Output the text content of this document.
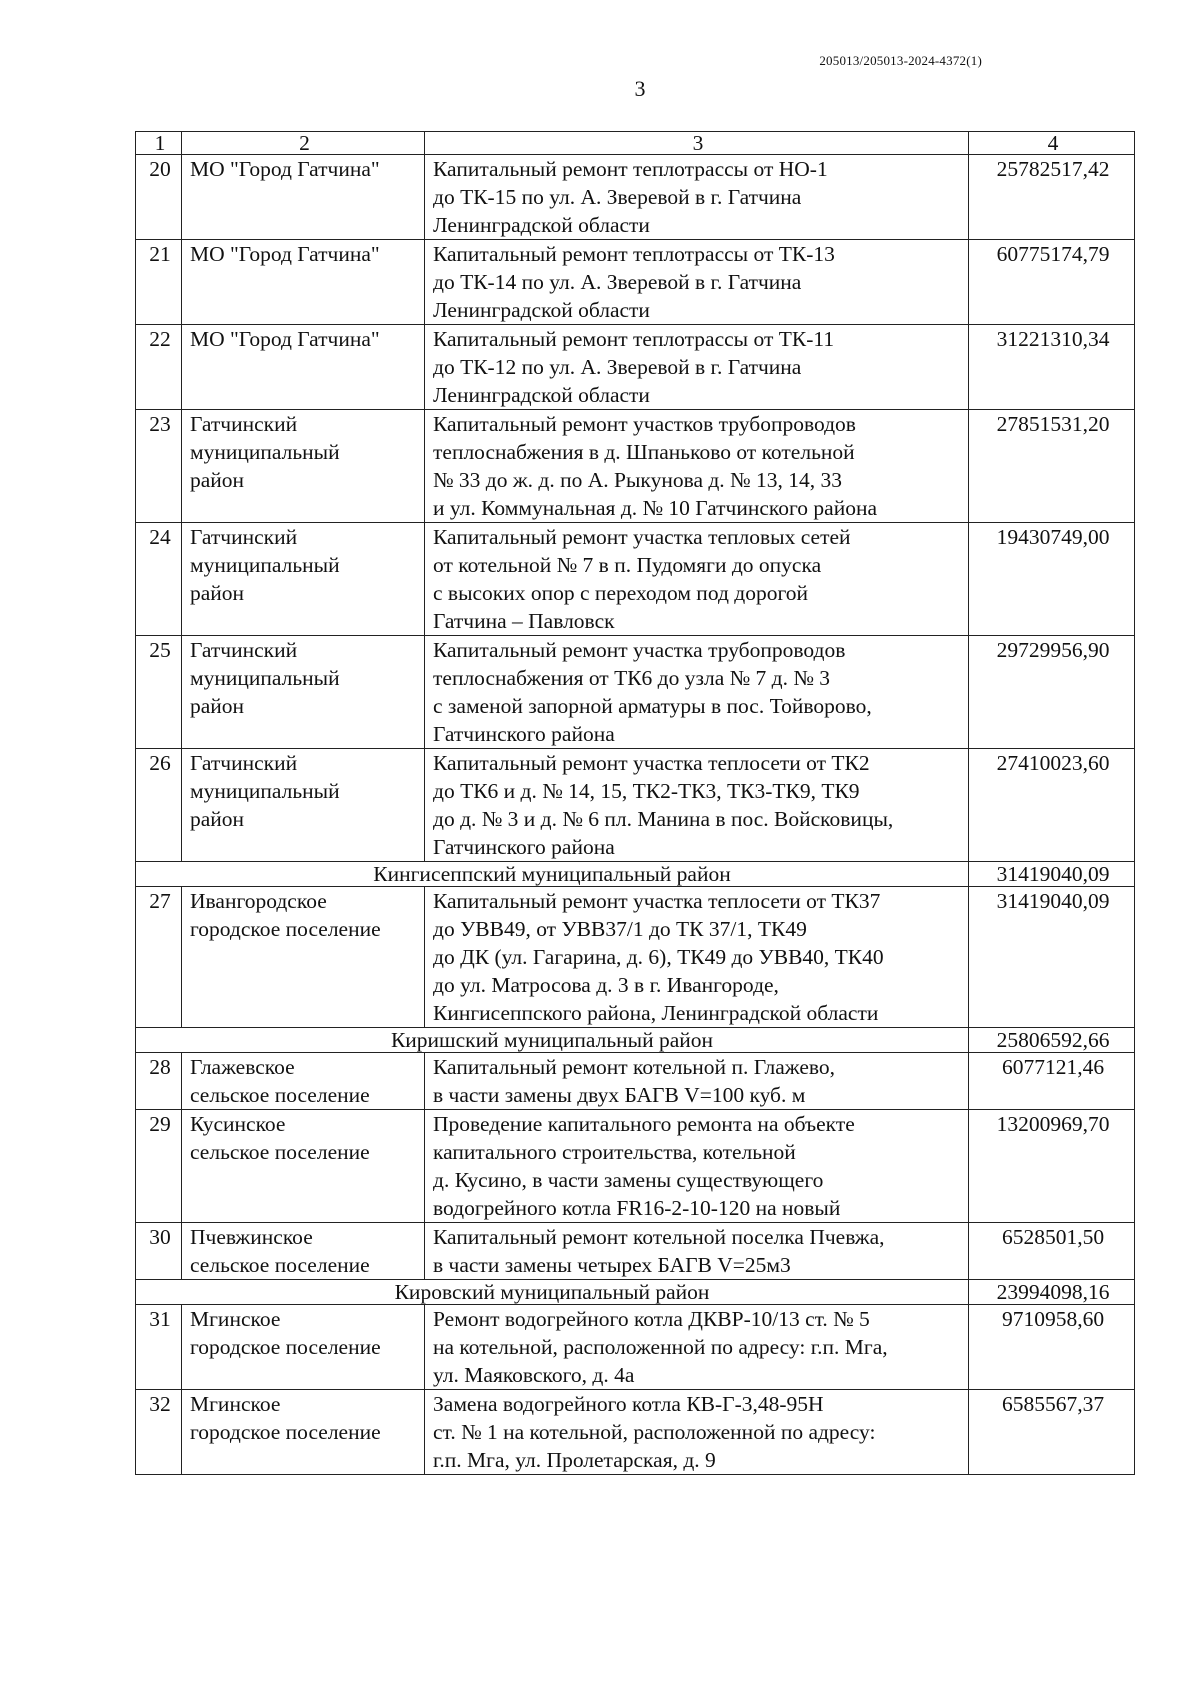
205013/205013-2024-4372(1)
3
1	2	3	4
20	МО "Город Гатчина"	Капитальный ремонт теплотрассы от НО-1
до ТК-15 по ул. А. Зверевой в г. Гатчина
Ленинградской области	25782517,42
21	МО "Город Гатчина"	Капитальный ремонт теплотрассы от ТК-13
до ТК-14 по ул. А. Зверевой в г. Гатчина
Ленинградской области	60775174,79
22	МО "Город Гатчина"	Капитальный ремонт теплотрассы от ТК-11
до ТК-12 по ул. А. Зверевой в г. Гатчина
Ленинградской области	31221310,34
23	Гатчинский
муниципальный
район	Капитальный ремонт участков трубопроводов
теплоснабжения в д. Шпаньково от котельной
№ 33 до ж. д. по А. Рыкунова д. № 13, 14, 33
и ул. Коммунальная д. № 10 Гатчинского района	27851531,20
24	Гатчинский
муниципальный
район	Капитальный ремонт участка тепловых сетей
от котельной № 7 в п. Пудомяги до опуска
с высоких опор с переходом под дорогой
Гатчина – Павловск	19430749,00
25	Гатчинский
муниципальный
район	Капитальный ремонт участка трубопроводов
теплоснабжения от ТК6 до узла № 7 д. № 3
с заменой запорной арматуры в пос. Тойворово,
Гатчинского района	29729956,90
26	Гатчинский
муниципальный
район	Капитальный ремонт участка теплосети от ТК2
до ТК6 и д. № 14, 15, ТК2-ТК3, ТК3-ТК9, ТК9
до д. № 3 и д. № 6 пл. Манина в пос. Войсковицы,
Гатчинского района	27410023,60
Кингисеппский муниципальный район			31419040,09
27	Ивангородское
городское поселение	Капитальный ремонт участка теплосети от ТК37
до УВВ49, от УВВ37/1 до ТК 37/1, ТК49
до ДК (ул. Гагарина, д. 6), ТК49 до УВВ40, ТК40
до ул. Матросова д. 3 в г. Ивангороде,
Кингисеппского района, Ленинградской области	31419040,09
Киришский муниципальный район			25806592,66
28	Глажевское
сельское поселение	Капитальный ремонт котельной п. Глажево,
в части замены двух БАГВ V=100 куб. м	6077121,46
29	Кусинское
сельское поселение	Проведение капитального ремонта на объекте
капитального строительства, котельной
д. Кусино, в части замены существующего
водогрейного котла FR16-2-10-120 на новый	13200969,70
30	Пчевжинское
сельское поселение	Капитальный ремонт котельной поселка Пчевжа,
в части замены четырех БАГВ V=25м3	6528501,50
Кировский муниципальный район			23994098,16
31	Мгинское
городское поселение	Ремонт водогрейного котла ДКВР-10/13 ст. № 5
на котельной, расположенной по адресу: г.п. Мга,
ул. Маяковского, д. 4а	9710958,60
32	Мгинское
городское поселение	Замена водогрейного котла КВ-Г-3,48-95Н
ст. № 1 на котельной, расположенной по адресу:
г.п. Мга, ул. Пролетарская, д. 9	6585567,37
